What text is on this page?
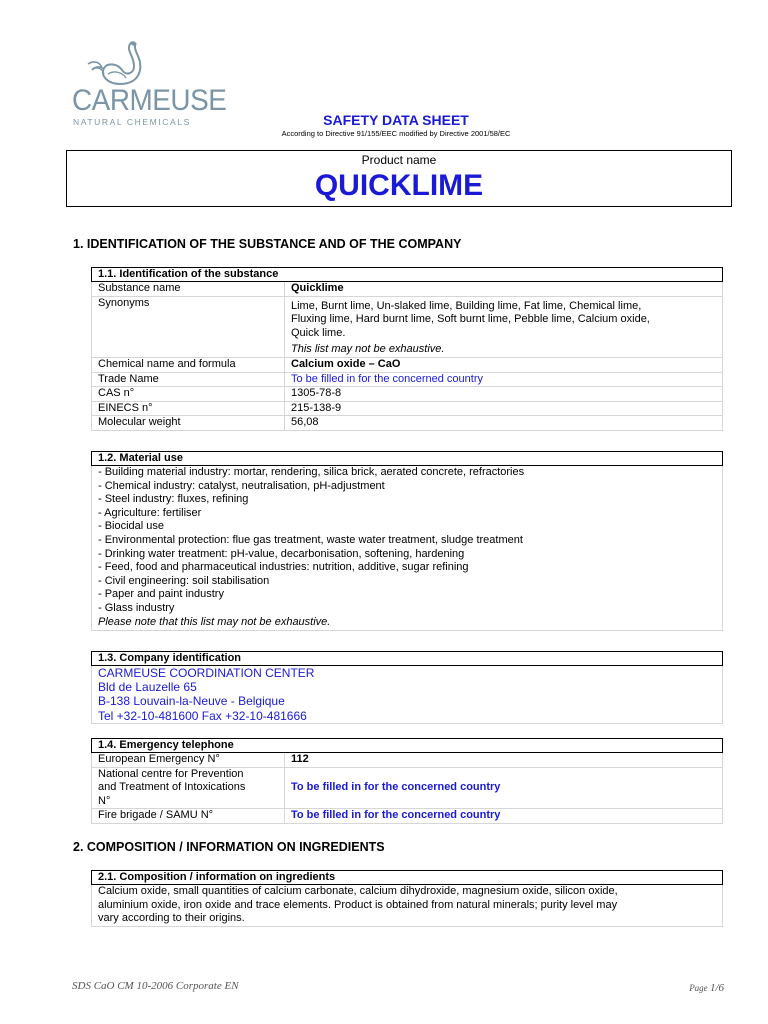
CARMEUSE
NATURAL CHEMICALS	SAFETY DATA SHEET
According to Directive 91/155/EEC modified by Directive 2001/58/EC
Product name
QUICKLIME
1. IDENTIFICATION OF THE SUBSTANCE AND OF THE COMPANY
1.1. Identification of the substance	
Substance name	Quicklime
Synonyms	Lime, Burnt lime, Un-slaked lime, Building lime, Fat lime, Chemical lime,
Fluxing lime, Hard burnt lime, Soft burnt lime, Pebble lime, Calcium oxide,
Quick lime.
This list may not be exhaustive.

Chemical name and formula	Calcium oxide – CaO
Trade Name	To be filled in for the concerned country
CAS n°	1305-78-8
EINECS n°	215-138-9
Molecular weight	56,08
1.2. Material use

- Building material industry: mortar, rendering, silica brick, aerated concrete, refractories
- Chemical industry: catalyst, neutralisation, pH-adjustment
- Steel industry: fluxes, refining
- Agriculture: fertiliser
- Biocidal use
- Environmental protection: flue gas treatment, waste water treatment, sludge treatment
- Drinking water treatment: pH-value, decarbonisation, softening, hardening
- Feed, food and pharmaceutical industries: nutrition, additive, sugar refining
- Civil engineering: soil stabilisation
- Paper and paint industry
- Glass industry
Please note that this list may not be exhaustive.
1.3. Company identification

CARMEUSE COORDINATION CENTER
Bld de Lauzelle 65
B-138 Louvain-la-Neuve - Belgique
Tel +32-10-481600 Fax +32-10-481666
1.4. Emergency telephone	
European Emergency N°	112

National centre for Prevention
and Treatment of Intoxications
N°	To be filled in for the concerned country
Fire brigade / SAMU N°	To be filled in for the concerned country
2. COMPOSITION / INFORMATION ON INGREDIENTS
2.1. Composition / information on ingredients

Calcium oxide, small quantities of calcium carbonate, calcium dihydroxide, magnesium oxide, silicon oxide,
aluminium oxide, iron oxide and trace elements. Product is obtained from natural minerals; purity level may
vary according to their origins.
SDS CaO CM 10-2006 Corporate EN	Page 1/6
